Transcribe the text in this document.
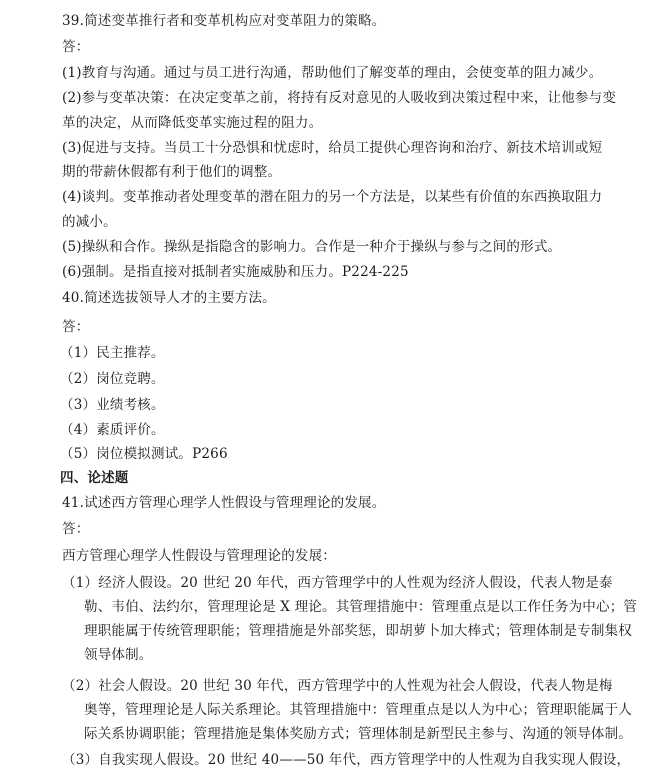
​
39.简述变革推行者和变革机构应对变革阻力的策略。
答：
(1)教育与沟通。通过与员工进行沟通，帮助他们了解变革的理由，会使变革的阻力减少。
(2)参与变革决策：在决定变革之前，将持有反对意见的人吸收到决策过程中来，让他参与变
革的决定，从而降低变革实施过程的阻力。
(3)促进与支持。当员工十分恐惧和忧虑时，给员工提供心理咨询和治疗、新技术培训或短
期的带薪休假都有利于他们的调整。
(4)谈判。变革推动者处理变革的潜在阻力的另一个方法是，以某些有价值的东西换取阻力
的减小。
(5)操纵和合作。操纵是指隐含的影响力。合作是一种介于操纵与参与之间的形式。
(6)强制。是指直接对抵制者实施威胁和压力。P224-225
40.简述选拔领导人才的主要方法。
答：
（1）民主推荐。
（2）岗位竞聘。
（3）业绩考核。
（4）素质评价。
（5）岗位模拟测试。P266
四、论述题
41.试述西方管理心理学人性假设与管理理论的发展。
答：
西方管理心理学人性假设与管理理论的发展：
（1）经济人假设。20 世纪 20 年代，西方管理学中的人性观为经济人假设，代表人物是泰
勒、韦伯、法约尔，管理理论是 X 理论。其管理措施中：管理重点是以工作任务为中心；管
理职能属于传统管理职能；管理措施是外部奖惩，即胡萝卜加大棒式；管理体制是专制集权
领导体制。
（2）社会人假设。20 世纪 30 年代，西方管理学中的人性观为社会人假设，代表人物是梅
奥等，管理理论是人际关系理论。其管理措施中：管理重点是以人为中心；管理职能属于人
际关系协调职能；管理措施是集体奖励方式；管理体制是新型民主参与、沟通的领导体制。
（3）自我实现人假设。20 世纪 40——50 年代，西方管理学中的人性观为自我实现人假设，
